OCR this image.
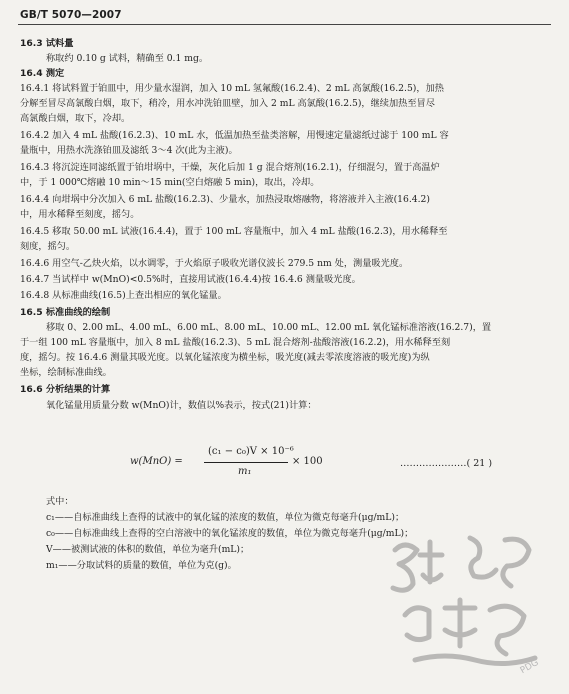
GB/T 5070—2007
16.3 试料量
称取约 0.10 g 试料，精确至 0.1 mg。
16.4 测定
16.4.1 将试料置于铂皿中，用少量水湿润，加入 10 mL 氢氟酸(16.2.4)、2 mL 高氯酸(16.2.5)，加热
分解至冒尽高氯酸白烟，取下，稍冷，用水冲洗铂皿壁，加入 2 mL 高氯酸(16.2.5)，继续加热至冒尽
高氯酸白烟，取下，冷却。
16.4.2 加入 4 mL 盐酸(16.2.3)、10 mL 水，低温加热至盐类溶解，用慢速定量滤纸过滤于 100 mL 容
量瓶中，用热水洗涤铂皿及滤纸 3～4 次(此为主液)。
16.4.3 将沉淀连同滤纸置于铂坩埚中，干燥，灰化后加 1 g 混合熔剂(16.2.1)，仔细混匀，置于高温炉
中，于 1 000℃熔融 10 min～15 min(空白熔融 5 min)，取出，冷却。
16.4.4 向坩埚中分次加入 6 mL 盐酸(16.2.3)、少量水，加热浸取熔融物，将溶液并入主液(16.4.2)
中，用水稀释至刻度，摇匀。
16.4.5 移取 50.00 mL 试液(16.4.4)，置于 100 mL 容量瓶中，加入 4 mL 盐酸(16.2.3)，用水稀释至
刻度，摇匀。
16.4.6 用空气-乙炔火焰，以水调零，于火焰原子吸收光谱仪波长 279.5 nm 处，测量吸光度。
16.4.7 当试样中 w(MnO)<0.5%时，直接用试液(16.4.4)按 16.4.6 测量吸光度。
16.4.8 从标准曲线(16.5)上查出相应的氧化锰量。
16.5 标准曲线的绘制
移取 0、2.00 mL、4.00 mL、6.00 mL、8.00 mL、10.00 mL、12.00 mL 氧化锰标准溶液(16.2.7)，置
于一组 100 mL 容量瓶中，加入 8 mL 盐酸(16.2.3)、5 mL 混合熔剂-盐酸溶液(16.2.2)，用水稀释至刻
度，摇匀。按 16.4.6 测量其吸光度。以氧化锰浓度为横坐标，吸光度(减去零浓度溶液的吸光度)为纵
坐标，绘制标准曲线。
16.6 分析结果的计算
氧化锰量用质量分数 w(MnO)计，数值以%表示，按式(21)计算：
式中：
c₁——自标准曲线上查得的试液中的氧化锰的浓度的数值，单位为微克每毫升(μg/mL)；
c₀——自标准曲线上查得的空白溶液中的氧化锰浓度的数值，单位为微克每毫升(μg/mL)；
V——被测试液的体积的数值，单位为毫升(mL)；
m₁——分取试料的质量的数值，单位为克(g)。
w(MnO) =
(c₁ − c₀)V × 10⁻⁶
m₁
× 100	…………………( 21 )
PDG
